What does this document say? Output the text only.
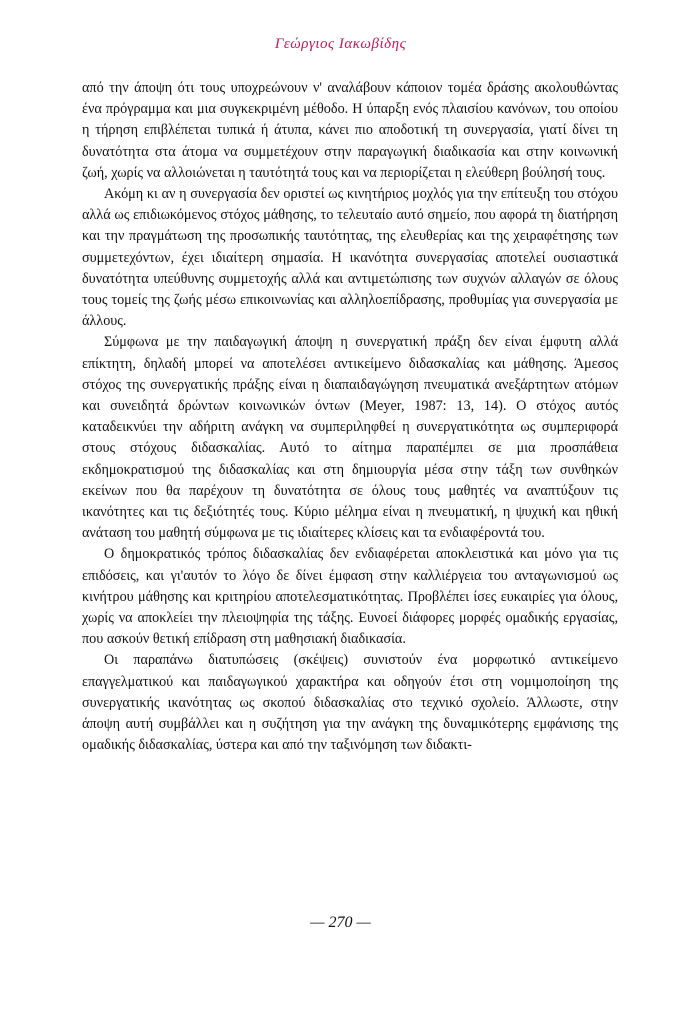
Γεώργιος Ιακωβίδης

από την άποψη ότι τους υποχρεώνουν ν' αναλάβουν κάποιον τομέα δράσης ακολουθώντας ένα πρόγραμμα και μια συγκεκριμένη μέθοδο. Η ύπαρξη ενός πλαισίου κανόνων, του οποίου η τήρηση επιβλέπεται τυπικά ή άτυπα, κάνει πιο αποδοτική τη συνεργασία, γιατί δίνει τη δυνατότητα στα άτομα να συμμετέχουν στην παραγωγική διαδικασία και στην κοινωνική ζωή, χωρίς να αλλοιώνεται η ταυτότητά τους και να περιορίζεται η ελεύθερη βούλησή τους.

Ακόμη κι αν η συνεργασία δεν οριστεί ως κινητήριος μοχλός για την επίτευξη του στόχου αλλά ως επιδιωκόμενος στόχος μάθησης, το τελευταίο αυτό σημείο, που αφορά τη διατήρηση και την πραγμάτωση της προσωπικής ταυτότητας, της ελευθερίας και της χειραφέτησης των συμμετεχόντων, έχει ιδιαίτερη σημασία. Η ικανότητα συνεργασίας αποτελεί ουσιαστικά δυνατότητα υπεύθυνης συμμετοχής αλλά και αντιμετώπισης των συχνών αλλαγών σε όλους τους τομείς της ζωής μέσω επικοινωνίας και αλληλοεπίδρασης, προθυμίας για συνεργασία με άλλους.

Σύμφωνα με την παιδαγωγική άποψη η συνεργατική πράξη δεν είναι έμφυτη αλλά επίκτητη, δηλαδή μπορεί να αποτελέσει αντικείμενο διδασκαλίας και μάθησης. Άμεσος στόχος της συνεργατικής πράξης είναι η διαπαιδαγώγηση πνευματικά ανεξάρτητων ατόμων και συνειδητά δρώντων κοινωνικών όντων (Meyer, 1987: 13, 14). Ο στόχος αυτός καταδεικνύει την αδήριτη ανάγκη να συμπεριληφθεί η συνεργατικότητα ως συμπεριφορά στους στόχους διδασκαλίας. Αυτό το αίτημα παραπέμπει σε μια προσπάθεια εκδημοκρατισμού της διδασκαλίας και στη δημιουργία μέσα στην τάξη των συνθηκών εκείνων που θα παρέχουν τη δυνατότητα σε όλους τους μαθητές να αναπτύξουν τις ικανότητες και τις δεξιότητές τους. Κύριο μέλημα είναι η πνευματική, η ψυχική και ηθική ανάταση του μαθητή σύμφωνα με τις ιδιαίτερες κλίσεις και τα ενδιαφέροντά του.

Ο δημοκρατικός τρόπος διδασκαλίας δεν ενδιαφέρεται αποκλειστικά και μόνο για τις επιδόσεις, και γι'αυτόν το λόγο δε δίνει έμφαση στην καλλιέργεια του ανταγωνισμού ως κινήτρου μάθησης και κριτηρίου αποτελεσματικότητας. Προβλέπει ίσες ευκαιρίες για όλους, χωρίς να αποκλείει την πλειοψηφία της τάξης. Ευνοεί διάφορες μορφές ομαδικής εργασίας, που ασκούν θετική επίδραση στη μαθησιακή διαδικασία.

Οι παραπάνω διατυπώσεις (σκέψεις) συνιστούν ένα μορφωτικό αντικείμενο επαγγελματικού και παιδαγωγικού χαρακτήρα και οδηγούν έτσι στη νομιμοποίηση της συνεργατικής ικανότητας ως σκοπού διδασκαλίας στο τεχνικό σχολείο. Άλλωστε, στην άποψη αυτή συμβάλλει και η συζήτηση για την ανάγκη της δυναμικότερης εμφάνισης της ομαδικής διδασκαλίας, ύστερα και από την ταξινόμηση των διδακτι-

— 270 —
